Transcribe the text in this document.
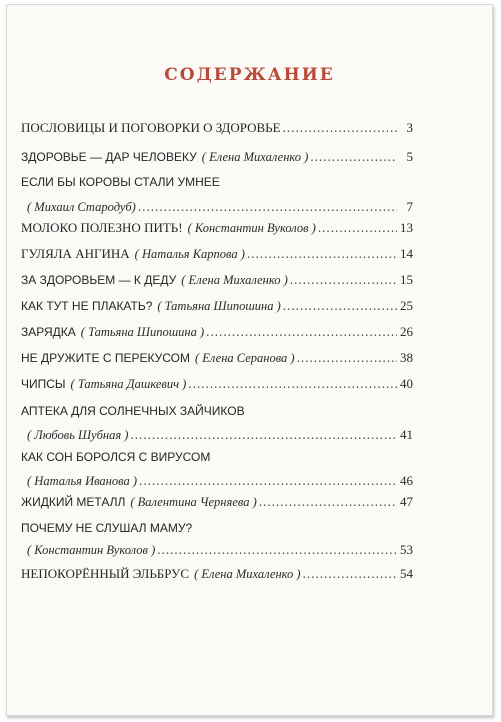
СОДЕРЖАНИЕ
ПОСЛОВИЦЫ И ПОГОВОРКИ О ЗДОРОВЬЕ .....	3
ЗДОРОВЬЕ — ДАР ЧЕЛОВЕКУ ( Елена Михаленко ) .....	5
ЕСЛИ БЫ КОРОВЫ СТАЛИ УМНЕЕ
( Михаил Стародуб) .....	7
МОЛОКО ПОЛЕЗНО ПИТЬ! ( Константин Вуколов ) .....	13
ГУЛЯЛА АНГИНА ( Наталья Карпова ) .....	14
ЗА ЗДОРОВЬЕМ — К ДЕДУ ( Елена Михаленко ) .....	15
КАК ТУТ НЕ ПЛАКАТЬ? ( Татьяна Шипошина ) .....	25
ЗАРЯДКА ( Татьяна Шипошина ) .....	26
НЕ ДРУЖИТЕ С ПЕРЕКУСОМ ( Елена Серанова ) .....	38
ЧИПСЫ ( Татьяна Дашкевич ) .....	40
АПТЕКА ДЛЯ СОЛНЕЧНЫХ ЗАЙЧИКОВ
( Любовь Шубная ) .....	41
КАК СОН БОРОЛСЯ С ВИРУСОМ
( Наталья Иванова ) .....	46
ЖИДКИЙ МЕТАЛЛ ( Валентина Черняева ) .....	47
ПОЧЕМУ НЕ СЛУШАЛ МАМУ?
( Константин Вуколов ) .....	53
НЕПОКОРЁННЫЙ ЭЛЬБРУС ( Елена Михаленко ) .....	54
